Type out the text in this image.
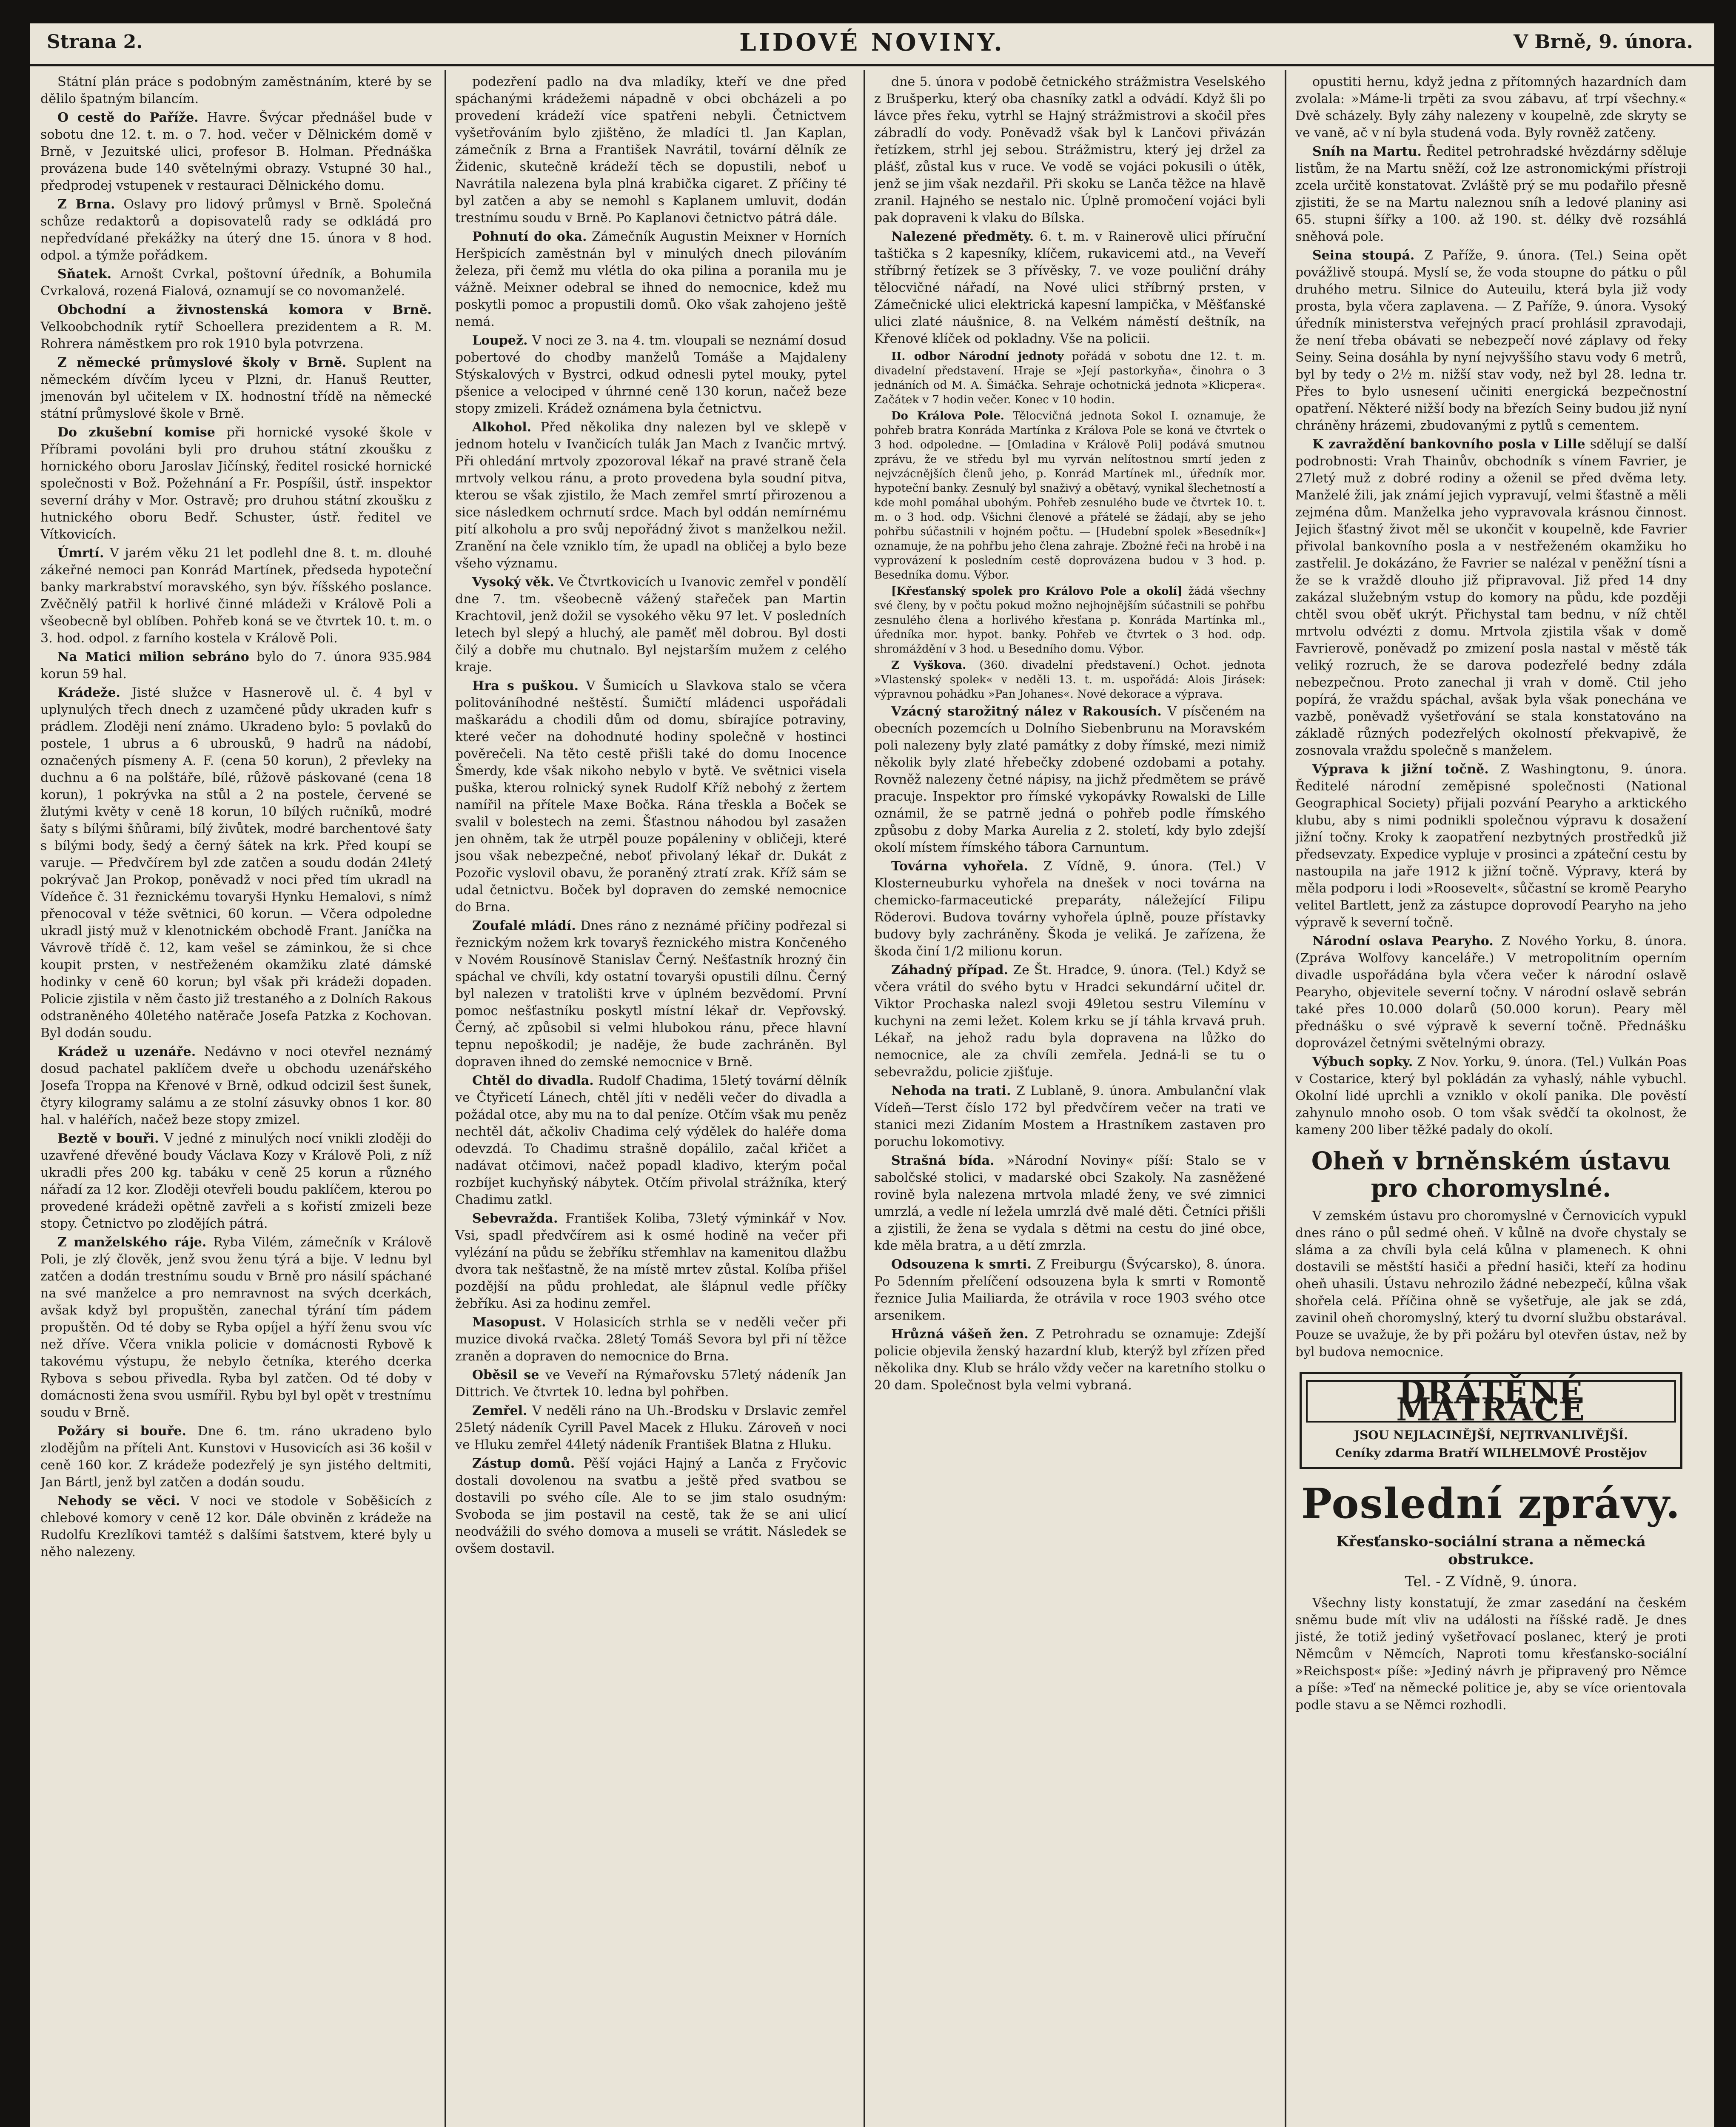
Strana 2.	LIDOVÉ NOVINY.	V Brně, 9. února.

Státní plán práce s podobným zaměstnáním, které by se dělilo špatným bilancím.

O cestě do Paříže. Havre. Švýcar přednášel bude v sobotu dne 12. t. m. o 7. hod. večer v Dělnickém domě v Brně, v Jezuitské ulici, profesor B. Holman. Přednáška provázena bude 140 světelnými obrazy. Vstupné 30 hal., předprodej vstupenek v restauraci Dělnického domu.

Z Brna. Oslavy pro lidový průmysl v Brně. Společná schůze redaktorů a dopisovatelů rady se odkládá pro nepředvídané překážky na úterý dne 15. února v 8 hod. odpol. a týmže pořádkem.

Sňatek. Arnošt Cvrkal, poštovní úředník, a Bohumila Cvrkalová, rozená Fialová, oznamují se co novomanželé.

Obchodní a živnostenská komora v Brně. Velkoobchodník rytíř Schoellera prezidentem a R. M. Rohrera náměstkem pro rok 1910 byla potvrzena.

Z německé průmyslové školy v Brně. Suplent na německém dívčím lyceu v Plzni, dr. Hanuš Reutter, jmenován byl učitelem v IX. hodnostní třídě na německé státní průmyslové škole v Brně.

Do zkušební komise při hornické vysoké škole v Příbrami povoláni byli pro druhou státní zkoušku z hornického oboru Jaroslav Jičínský, ředitel rosické hornické společnosti v Bož. Požehnání a Fr. Pospíšil, ústř. inspektor severní dráhy v Mor. Ostravě; pro druhou státní zkoušku z hutnického oboru Bedř. Schuster, ústř. ředitel ve Vítkovicích.

Úmrtí. V jarém věku 21 let podlehl dne 8. t. m. dlouhé zákeřné nemoci pan Konrád Martínek, předseda hypoteční banky markrabství moravského, syn býv. říšského poslance. Zvěčnělý patřil k horlivé činné mládeži v Králově Poli a všeobecně byl oblíben. Pohřeb koná se ve čtvrtek 10. t. m. o 3. hod. odpol. z farního kostela v Králově Poli.

Na Matici milion sebráno bylo do 7. února 935.984 korun 59 hal.

Krádeže. Jisté služce v Hasnerově ul. č. 4 byl v uplynulých třech dnech z uzamčené půdy ukraden kufr s prádlem. Zloději není známo. Ukradeno bylo: 5 povlaků do postele, 1 ubrus a 6 ubrousků, 9 hadrů na nádobí, označených písmeny A. F. (cena 50 korun), 2 převleky na duchnu a 6 na polštáře, bílé, růžově páskované (cena 18 korun), 1 pokrývka na stůl a 2 na postele, červené se žlutými květy v ceně 18 korun, 10 bílých ručníků, modré šaty s bílými šňůrami, bílý živůtek, modré barchentové šaty s bílými body, šedý a černý šátek na krk. Před koupí se varuje. — Předvčírem byl zde zatčen a soudu dodán 24letý pokrývač Jan Prokop, poněvadž v noci před tím ukradl na Vídeňce č. 31 řeznickému tovaryši Hynku Hemalovi, s nímž přenocoval v téže světnici, 60 korun. — Včera odpoledne ukradl jistý muž v klenotnickém obchodě Frant. Janíčka na Vávrově třídě č. 12, kam vešel se záminkou, že si chce koupit prsten, v nestřeženém okamžiku zlaté dámské hodinky v ceně 60 korun; byl však při krádeži dopaden. Policie zjistila v něm často již trestaného a z Dolních Rakous odstraněného 40letého natěrače Josefa Patzka z Kochovan. Byl dodán soudu.

Krádež u uzenáře. Nedávno v noci otevřel neznámý dosud pachatel paklíčem dveře u obchodu uzenářského Josefa Troppa na Křenové v Brně, odkud odcizil šest šunek, čtyry kilogramy salámu a ze stolní zásuvky obnos 1 kor. 80 hal. v haléřích, načež beze stopy zmizel.

Beztě v bouři. V jedné z minulých nocí vnikli zloději do uzavřené dřevěné boudy Václava Kozy v Králově Poli, z níž ukradli přes 200 kg. tabáku v ceně 25 korun a různého nářadí za 12 kor. Zloději otevřeli boudu paklíčem, kterou po provedené krádeži opětně zavřeli a s kořistí zmizeli beze stopy. Četnictvo po zlodějích pátrá.

Z manželského ráje. Ryba Vilém, zámečník v Králově Poli, je zlý člověk, jenž svou ženu týrá a bije. V lednu byl zatčen a dodán trestnímu soudu v Brně pro násilí spáchané na své manželce a pro nemravnost na svých dcerkách, avšak když byl propuštěn, zanechal týrání tím pádem propuštěn. Od té doby se Ryba opíjel a hýří ženu svou víc než dříve. Včera vnikla policie v domácnosti Rybově k takovému výstupu, že nebylo četníka, kterého dcerka Rybova s sebou přivedla. Ryba byl zatčen. Od té doby v domácnosti žena svou usmířil. Rybu byl byl opět v trestnímu soudu v Brně.

Požáry si bouře. Dne 6. tm. ráno ukradeno bylo zlodějům na příteli Ant. Kunstovi v Husovicích asi 36 košil v ceně 160 kor. Z krádeže podezřelý je syn jistého deltmiti, Jan Bártl, jenž byl zatčen a dodán soudu.

Nehody se věci. V noci ve stodole v Soběšicích z chlebové komory v ceně 12 kor. Dále obviněn z krádeže na Rudolfu Krezlíkovi tamtéž s dalšími šatstvem, které byly u něho nalezeny.

podezření padlo na dva mladíky, kteří ve dne před spáchanými krádežemi nápadně v obci obcházeli a po provedení krádeží více spatřeni nebyli. Četnictvem vyšetřováním bylo zjištěno, že mladíci tl. Jan Kaplan, zámečník z Brna a František Navrátil, tovární dělník ze Židenic, skutečně krádeží těch se dopustili, neboť u Navrátila nalezena byla plná krabička cigaret. Z příčiny té byl zatčen a aby se nemohl s Kaplanem umluvit, dodán trestnímu soudu v Brně. Po Kaplanovi četnictvo pátrá dále.

Pohnutí do oka. Zámečník Augustin Meixner v Horních Heršpicích zaměstnán byl v minulých dnech pilováním železa, při čemž mu vlétla do oka pilina a poranila mu je vážně. Meixner odebral se ihned do nemocnice, kdež mu poskytli pomoc a propustili domů. Oko však zahojeno ještě nemá.

Loupež. V noci ze 3. na 4. tm. vloupali se neznámí dosud pobertové do chodby manželů Tomáše a Majdaleny Stýskalových v Bystrci, odkud odnesli pytel mouky, pytel pšenice a velociped v úhrnné ceně 130 korun, načež beze stopy zmizeli. Krádež oznámena byla četnictvu.

Alkohol. Před několika dny nalezen byl ve sklepě v jednom hotelu v Ivančicích tulák Jan Mach z Ivančic mrtvý. Při ohledání mrtvoly zpozoroval lékař na pravé straně čela mrtvoly velkou ránu, a proto provedena byla soudní pitva, kterou se však zjistilo, že Mach zemřel smrtí přirozenou a sice následkem ochrnutí srdce. Mach byl oddán nemírnému pití alkoholu a pro svůj nepořádný život s manželkou nežil. Zranění na čele vzniklo tím, že upadl na obličej a bylo beze všeho významu.

Vysoký věk. Ve Čtvrtkovicích u Ivanovic zemřel v pondělí dne 7. tm. všeobecně vážený stařeček pan Martin Krachtovil, jenž dožil se vysokého věku 97 let. V posledních letech byl slepý a hluchý, ale paměť měl dobrou. Byl dosti čilý a dobře mu chutnalo. Byl nejstarším mužem z celého kraje.

Hra s puškou. V Šumicích u Slavkova stalo se včera politováníhodné neštěstí. Šumičtí mládenci uspořádali maškarádu a chodili dům od domu, sbírajíce potraviny, které večer na dohodnuté hodiny společně v hostinci pověrečeli. Na těto cestě přišli také do domu Inocence Šmerdy, kde však nikoho nebylo v bytě. Ve světnici visela puška, kterou rolnický synek Rudolf Kříž nebohý z žertem namířil na přítele Maxe Bočka. Rána třeskla a Boček se svalil v bolestech na zemi. Šťastnou náhodou byl zasažen jen ohněm, tak že utrpěl pouze popáleniny v obličeji, které jsou však nebezpečné, neboť přivolaný lékař dr. Dukát z Pozořic vyslovil obavu, že poraněný ztratí zrak. Kříž sám se udal četnictvu. Boček byl dopraven do zemské nemocnice do Brna.

Zoufalé mládí. Dnes ráno z neznámé příčiny podřezal si řeznickým nožem krk tovaryš řeznického mistra Končeného v Novém Rousínově Stanislav Černý. Nešťastník hrozný čin spáchal ve chvíli, kdy ostatní tovaryši opustili dílnu. Černý byl nalezen v tratolišti krve v úplném bezvědomí. První pomoc nešťastníku poskytl místní lékař dr. Vepřovský. Černý, ač způsobil si velmi hlubokou ránu, přece hlavní tepnu nepoškodil; je naděje, že bude zachráněn. Byl dopraven ihned do zemské nemocnice v Brně.

Chtěl do divadla. Rudolf Chadima, 15letý tovární dělník ve Čtyřicetí Lánech, chtěl jíti v neděli večer do divadla a požádal otce, aby mu na to dal peníze. Otčím však mu peněz nechtěl dát, ačkoliv Chadima celý výdělek do haléře doma odevzdá. To Chadimu strašně dopálilo, začal křičet a nadávat otčimovi, načež popadl kladivo, kterým počal rozbíjet kuchyňský nábytek. Otčím přivolal strážníka, který Chadimu zatkl.

Sebevražda. František Koliba, 73letý výminkář v Nov. Vsi, spadl předvčírem asi k osmé hodině na večer při vylézání na půdu se žebříku střemhlav na kamenitou dlažbu dvora tak nešťastně, že na místě mrtev zůstal. Kolíba přišel pozdější na půdu prohledat, ale šlápnul vedle příčky žebříku. Asi za hodinu zemřel.

Masopust. V Holasicích strhla se v neděli večer při muzice divoká rvačka. 28letý Tomáš Sevora byl při ní těžce zraněn a dopraven do nemocnice do Brna.

Oběsil se ve Veveří na Rýmařovsku 57letý nádeník Jan Dittrich. Ve čtvrtek 10. ledna byl pohřben.

Zemřel. V neděli ráno na Uh.-Brodsku v Drslavic zemřel 25letý nádeník Cyrill Pavel Macek z Hluku. Zároveň v noci ve Hluku zemřel 44letý nádeník František Blatna z Hluku.

Zástup domů. Pěší vojáci Hajný a Lanča z Fryčovic dostali dovolenou na svatbu a ještě před svatbou se dostavili po svého cíle. Ale to se jim stalo osudným: Svoboda se jim postavil na cestě, tak že se ani ulicí neodvážili do svého domova a museli se vrátit. Následek se ovšem dostavil.

dne 5. února v podobě četnického strážmistra Veselského z Brušperku, který oba chasníky zatkl a odvádí. Když šli po lávce přes řeku, vytrhl se Hajný strážmistrovi a skočil přes zábradlí do vody. Poněvadž však byl k Lančovi přivázán řetízkem, strhl jej sebou. Strážmistru, který jej držel za plášť, zůstal kus v ruce. Ve vodě se vojáci pokusili o útěk, jenž se jim však nezdařil. Při skoku se Lanča těžce na hlavě zranil. Hajného se nestalo nic. Úplně promočení vojáci byli pak dopraveni k vlaku do Bílska.

Nalezené předměty. 6. t. m. v Rainerově ulici příruční taštička s 2 kapesníky, klíčem, rukavicemi atd., na Veveří stříbrný řetízek se 3 přívěsky, 7. ve voze pouliční dráhy tělocvičné nářadí, na Nové ulici stříbrný prsten, v Zámečnické ulici elektrická kapesní lampička, v Měšťanské ulici zlaté náušnice, 8. na Velkém náměstí deštník, na Křenové klíček od pokladny. Vše na policii.

II. odbor Národní jednoty pořádá v sobotu dne 12. t. m. divadelní představení. Hraje se »Její pastorkyňa«, činohra o 3 jednáních od M. A. Šimáčka. Sehraje ochotnická jednota »Klicpera«. Začátek v 7 hodin večer. Konec v 10 hodin.

Do Králova Pole. Tělocvičná jednota Sokol I. oznamuje, že pohřeb bratra Konráda Martínka z Králova Pole se koná ve čtvrtek o 3 hod. odpoledne. — [Omladina v Králově Poli] podává smutnou zprávu, že ve středu byl mu vyrván nelítostnou smrtí jeden z nejvzácnějších členů jeho, p. Konrád Martínek ml., úředník mor. hypoteční banky. Zesnulý byl snaživý a obětavý, vynikal šlechetností a kde mohl pomáhal ubohým. Pohřeb zesnulého bude ve čtvrtek 10. t. m. o 3 hod. odp. Všichni členové a přátelé se žádají, aby se jeho pohřbu súčastnili v hojném počtu. — [Hudební spolek »Besedník«] oznamuje, že na pohřbu jeho člena zahraje. Zbožné řeči na hrobě i na vyprovázení k posledním cestě doprovázena budou v 3 hod. p. Besedníka domu. Výbor.

[Křesťanský spolek pro Královo Pole a okolí] žádá všechny své členy, by v počtu pokud možno nejhojnějším súčastnili se pohřbu zesnulého člena a horlivého křesťana p. Konráda Martínka ml., úředníka mor. hypot. banky. Pohřeb ve čtvrtek o 3 hod. odp. shromáždění v 3 hod. u Besedního domu. Výbor.

Z Vyškova. (360. divadelní představení.) Ochot. jednota »Vlastenský spolek« v neděli 13. t. m. uspořádá: Alois Jirásek: výpravnou pohádku »Pan Johanes«. Nové dekorace a výprava.

Vzácný starožitný nález v Rakousích. V písčeném na obecních pozemcích u Dolního Siebenbrunu na Moravském poli nalezeny byly zlaté památky z doby římské, mezi nimiž několik byly zlaté hřebečky zdobené ozdobami a potahy. Rovněž nalezeny četné nápisy, na jichž předmětem se právě pracuje. Inspektor pro římské vykopávky Rowalski de Lille oznámil, že se patrně jedná o pohřeb podle římského způsobu z doby Marka Aurelia z 2. století, kdy bylo zdejší okolí místem římského tábora Carnuntum.

Továrna vyhořela. Z Vídně, 9. února. (Tel.) V Klosterneuburku vyhořela na dnešek v noci továrna na chemicko-farmaceutické preparáty, náležející Filipu Röderovi. Budova továrny vyhořela úplně, pouze přístavky budovy byly zachráněny. Škoda je veliká. Je zařízena, že škoda činí 1/2 milionu korun.

Záhadný případ. Ze Št. Hradce, 9. února. (Tel.) Když se včera vrátil do svého bytu v Hradci sekundární učitel dr. Viktor Prochaska nalezl svoji 49letou sestru Vilemínu v kuchyni na zemi ležet. Kolem krku se jí táhla krvavá pruh. Lékař, na jehož radu byla dopravena na lůžko do nemocnice, ale za chvíli zemřela. Jedná-li se tu o sebevraždu, policie zjišťuje.

Nehoda na trati. Z Lublaně, 9. února. Ambulanční vlak Vídeň—Terst číslo 172 byl předvčírem večer na trati ve stanici mezi Zidaním Mostem a Hrastníkem zastaven pro poruchu lokomotivy.

Strašná bída. »Národní Noviny« píší: Stalo se v sabolčské stolici, v madarské obci Szakoly. Na zasněžené rovině byla nalezena mrtvola mladé ženy, ve své zimnici umrzlá, a vedle ní ležela umrzlá dvě malé děti. Četníci přišli a zjistili, že žena se vydala s dětmi na cestu do jiné obce, kde měla bratra, a u dětí zmrzla.

Odsouzena k smrti. Z Freiburgu (Švýcarsko), 8. února. Po 5denním přelíčení odsouzena byla k smrti v Romontě řeznice Julia Mailiarda, že otrávila v roce 1903 svého otce arsenikem.

Hrůzná vášeň žen. Z Petrohradu se oznamuje: Zdejší policie objevila ženský hazardní klub, kterýž byl zřízen před několika dny. Klub se hrálo vždy večer na karetního stolku o 20 dam. Společnost byla velmi vybraná.

opustiti hernu, když jedna z přítomných hazardních dam zvolala: »Máme-li trpěti za svou zábavu, ať trpí všechny.« Dvě scházely. Byly záhy nalezeny v koupelně, zde skryty se ve vaně, ač v ní byla studená voda. Byly rovněž zatčeny.

Sníh na Martu. Ředitel petrohradské hvězdárny sděluje listům, že na Martu sněží, což lze astronomickými přístroji zcela určitě konstatovat. Zvláště prý se mu podařilo přesně zjistiti, že se na Martu naleznou sníh a ledové planiny asi 65. stupni šířky a 100. až 190. st. délky dvě rozsáhlá sněhová pole.

Seina stoupá. Z Paříže, 9. února. (Tel.) Seina opět povážlivě stoupá. Myslí se, že voda stoupne do pátku o půl druhého metru. Silnice do Auteuilu, která byla již vody prosta, byla včera zaplavena. — Z Paříže, 9. února. Vysoký úředník ministerstva veřejných prací prohlásil zpravodaji, že není třeba obávati se nebezpečí nové záplavy od řeky Seiny. Seina dosáhla by nyní nejvyššího stavu vody 6 metrů, byl by tedy o 2½ m. nižší stav vody, než byl 28. ledna tr. Přes to bylo usnesení učiniti energická bezpečnostní opatření. Některé nižší body na březích Seiny budou již nyní chráněny hrázemi, zbudovanými z pytlů s cementem.

K zavraždění bankovního posla v Lille sdělují se další podrobnosti: Vrah Thainův, obchodník s vínem Favrier, je 27letý muž z dobré rodiny a oženil se před dvěma lety. Manželé žili, jak známí jejich vypravují, velmi šťastně a měli zejména dům. Manželka jeho vypravovala krásnou činnost. Jejich šťastný život měl se ukončit v koupelně, kde Favrier přivolal bankovního posla a v nestřeženém okamžiku ho zastřelil. Je dokázáno, že Favrier se nalézal v peněžní tísni a že se k vraždě dlouho již připravoval. Již před 14 dny zakázal služebným vstup do komory na půdu, kde později chtěl svou oběť ukrýt. Přichystal tam bednu, v níž chtěl mrtvolu odvézti z domu. Mrtvola zjistila však v domě Favrierově, poněvadž po zmizení posla nastal v městě ták veliký rozruch, že se darova podezřelé bedny zdála nebezpečnou. Proto zanechal ji vrah v domě. Ctil jeho popírá, že vraždu spáchal, avšak byla však ponechána ve vazbě, poněvadž vyšetřování se stala konstatováno na základě různých podezřelých okolností překvapivě, že zosnovala vraždu společně s manželem.

Výprava k jižní točně. Z Washingtonu, 9. února. Ředitelé národní zeměpisné společnosti (National Geographical Society) přijali pozvání Pearyho a arktického klubu, aby s nimi podnikli společnou výpravu k dosažení jižní točny. Kroky k zaopatření nezbytných prostředků již předsevzaty. Expedice vypluje v prosinci a zpáteční cestu by nastoupila na jaře 1912 k jižní točně. Výpravy, která by měla podporu i lodi »Roosevelt«, sůčastní se kromě Pearyho velitel Bartlett, jenž za zástupce doprovodí Pearyho na jeho výpravě k severní točně.

Národní oslava Pearyho. Z Nového Yorku, 8. února. (Zpráva Wolfovy kanceláře.) V metropolitním operním divadle uspořádána byla včera večer k národní oslavě Pearyho, objevitele severní točny. V národní oslavě sebrán také přes 10.000 dolarů (50.000 korun). Peary měl přednášku o své výpravě k severní točně. Přednášku doprovázel četnými světelnými obrazy.

Výbuch sopky. Z Nov. Yorku, 9. února. (Tel.) Vulkán Poas v Costarice, který byl pokládán za vyhaslý, náhle vybuchl. Okolní lidé uprchli a vzniklo v okolí panika. Dle pověstí zahynulo mnoho osob. O tom však svědčí ta okolnost, že kameny 200 liber těžké padaly do okolí.

Oheň v brněnském ústavu pro choromyslné.

V zemském ústavu pro choromyslné v Černovicích vypukl dnes ráno o půl sedmé oheň. V kůlně na dvoře chystaly se sláma a za chvíli byla celá kůlna v plamenech. K ohni dostavili se městští hasiči a přední hasiči, kteří za hodinu oheň uhasili. Ústavu nehrozilo žádné nebezpečí, kůlna však shořela celá. Příčina ohně se vyšetřuje, ale jak se zdá, zavinil oheň choromyslný, který tu dvorní službu obstarával. Pouze se uvažuje, že by při požáru byl otevřen ústav, než by byl budova nemocnice.

DRÁTĚNÉ MATRACE
JSOU NEJLACINĚJŠÍ, NEJTRVANLIVĚJŠÍ.
Ceníky zdarma Bratří WILHELMOVÉ Prostějov
Poslední zprávy.
Křesťansko-sociální strana a německá obstrukce.
Tel. - Z Vídně, 9. února.

Všechny listy konstatují, že zmar zasedání na českém sněmu bude mít vliv na události na říšské radě. Je dnes jisté, že totiž jediný vyšetřovací poslanec, který je proti Němcům v Němcích, Naproti tomu křesťansko-sociální »Reichspost« píše: »Jediný návrh je připravený pro Němce a píše: »Teď na německé politice je, aby se více orientovala podle stavu a se Němci rozhodli.
